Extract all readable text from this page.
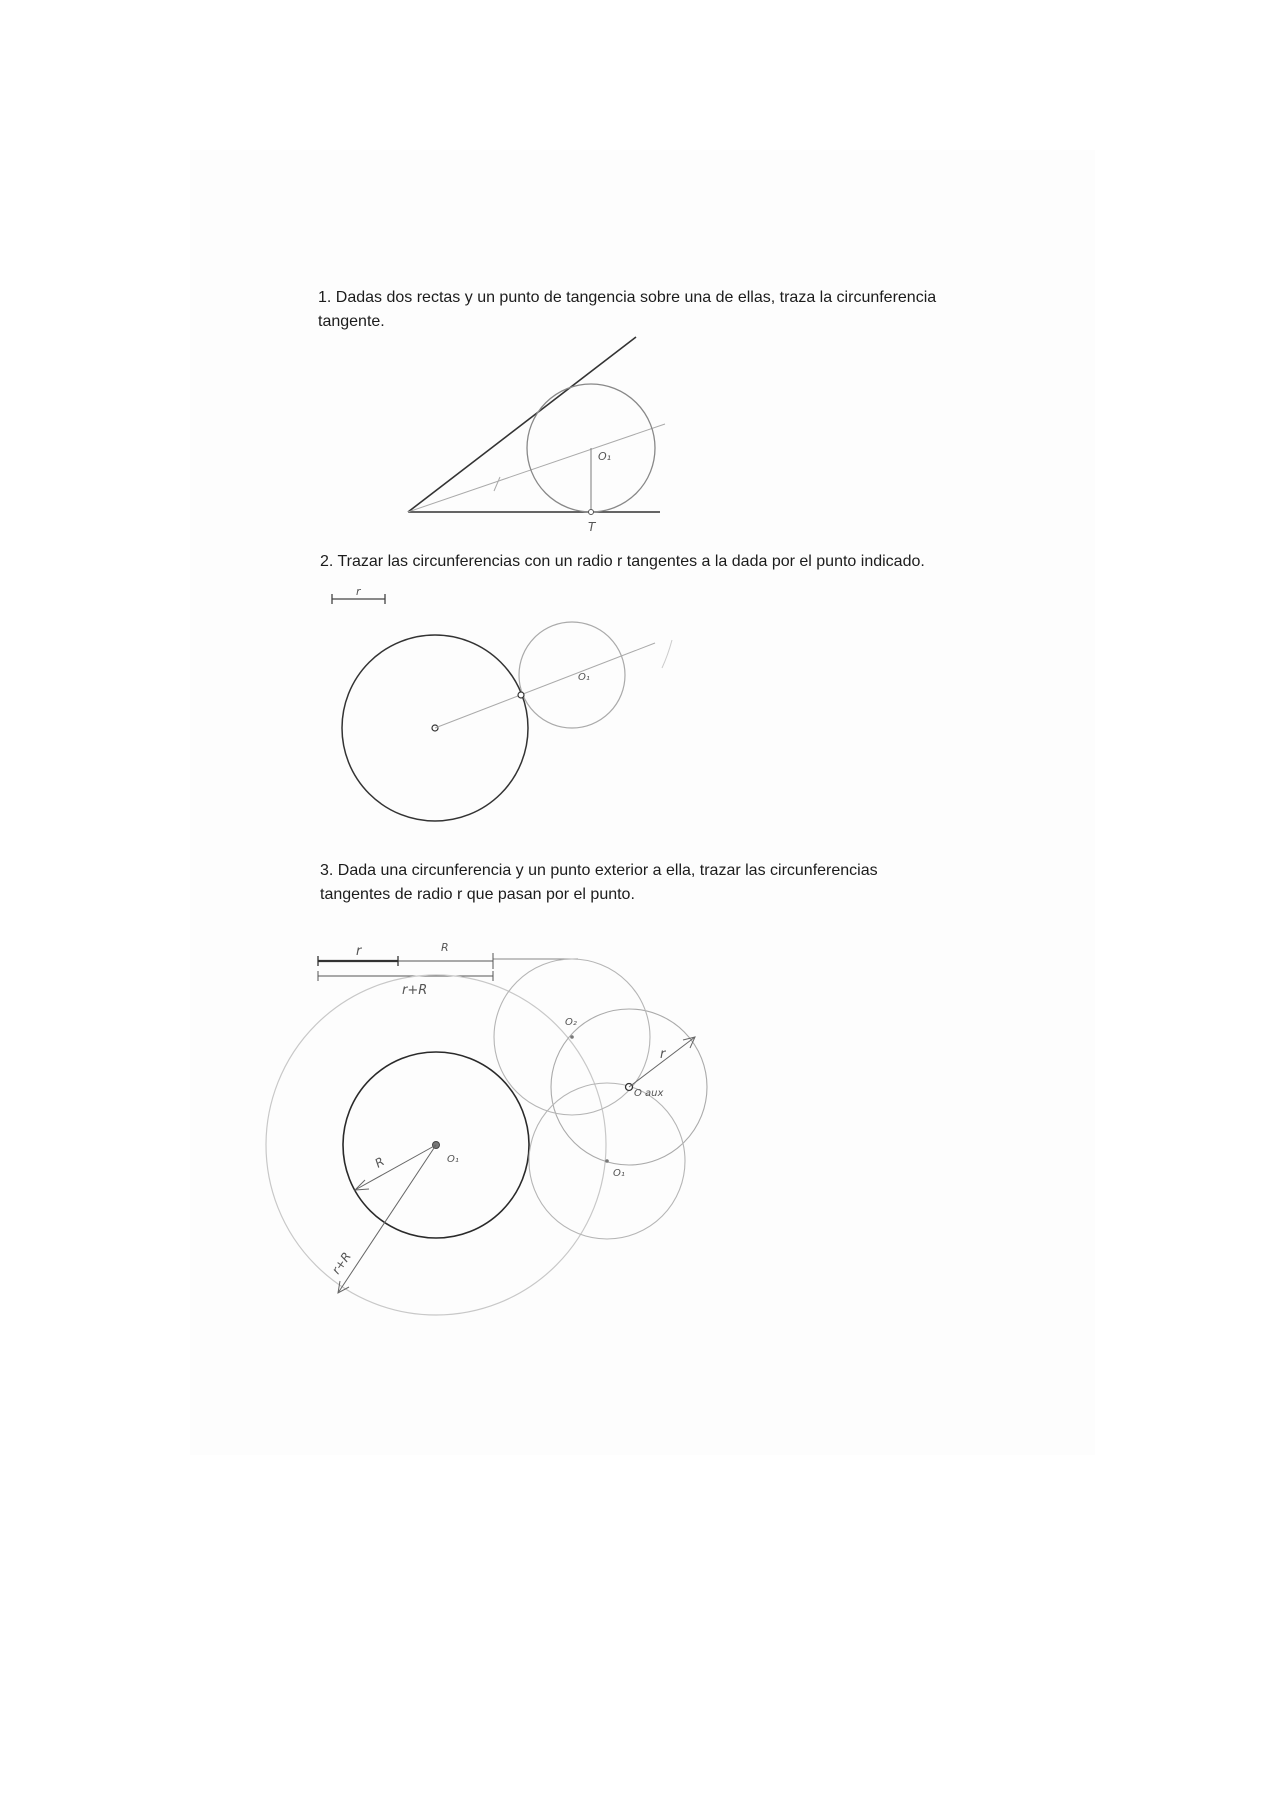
1. Dadas dos rectas y un punto de tangencia sobre una de ellas, traza la circunferencia tangente.
O₁
T
r
O₁
r	R
r+R
O₁
O₁
O₂
O aux
R
r+R
r
2. Trazar las circunferencias con un radio r tangentes a la dada por el punto indicado.
3. Dada una circunferencia y un punto exterior a ella, trazar las circunferencias tangentes de radio r que pasan por el punto.
